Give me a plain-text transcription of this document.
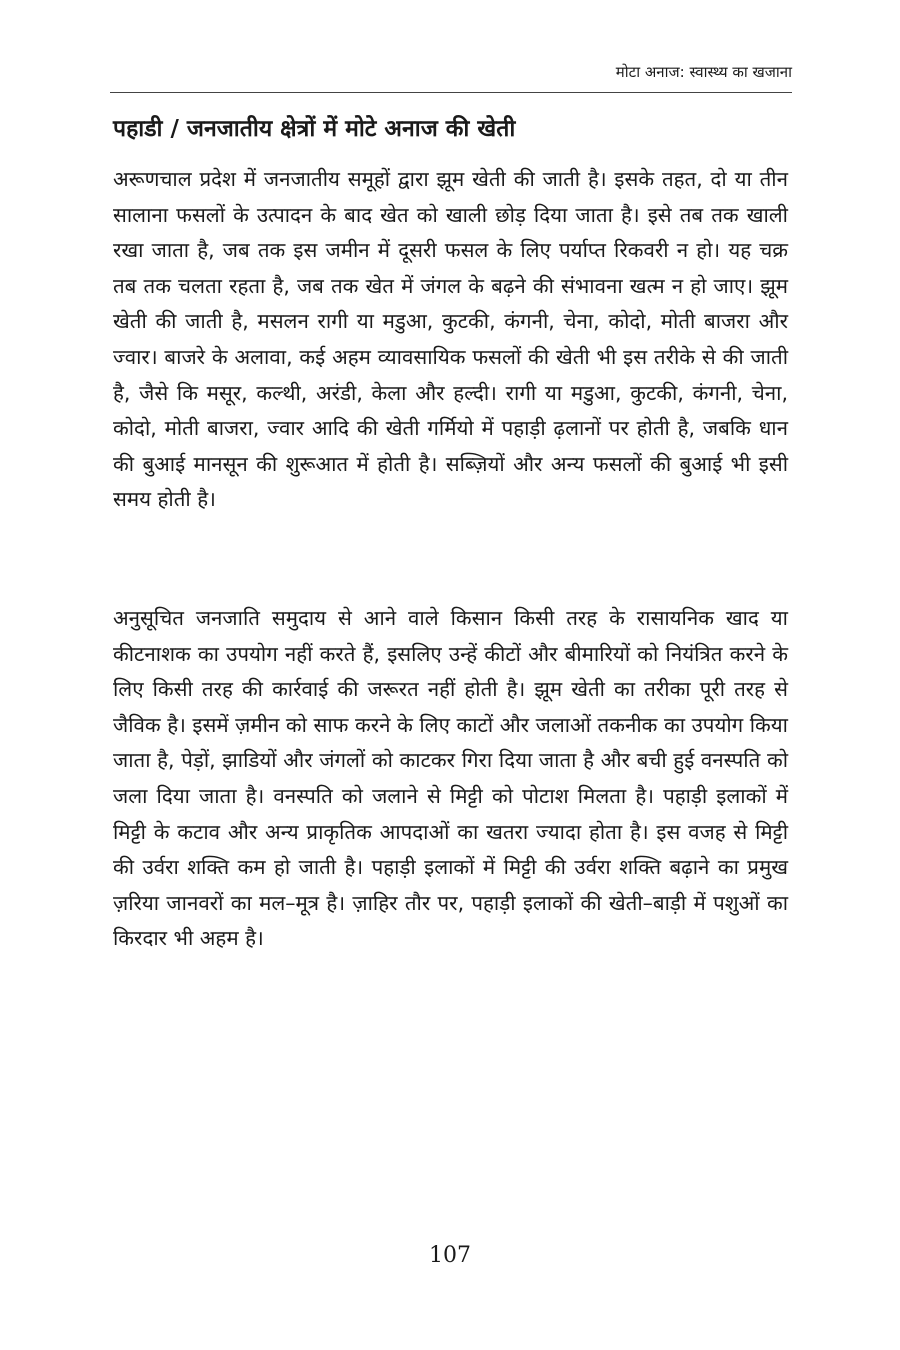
मोटा अनाज: स्वास्थ्य का खजाना
पहाडी / जनजातीय क्षेत्रों में मोटे अनाज की खेती

अरूणचाल प्रदेश में जनजातीय समूहों द्वारा झूम खेती की जाती है। इसके तहत, दो या तीन सालाना फसलों के उत्पादन के बाद खेत को खाली छोड़ दिया जाता है। इसे तब तक खाली रखा जाता है, जब तक इस जमीन में दूसरी फसल के लिए पर्याप्त रिकवरी न हो। यह चक्र तब तक चलता रहता है, जब तक खेत में जंगल के बढ़ने की संभावना खत्म न हो जाए। झूम खेती की जाती है, मसलन रागी या मडुआ, कुटकी, कंगनी, चेना, कोदो, मोती बाजरा और ज्वार। बाजरे के अलावा, कई अहम व्यावसायिक फसलों की खेती भी इस तरीके से की जाती है, जैसे कि मसूर, कल्थी, अरंडी, केला और हल्दी। रागी या मडुआ, कुटकी, कंगनी, चेना, कोदो, मोती बाजरा, ज्वार आदि की खेती गर्मियो में पहाड़ी ढ़लानों पर होती है, जबकि धान की बुआई मानसून की शुरूआत में होती है। सब्ज़ियों और अन्य फसलों की बुआई भी इसी समय होती है।

अनुसूचित जनजाति समुदाय से आने वाले किसान किसी तरह के रासायनिक खाद या कीटनाशक का उपयोग नहीं करते हैं, इसलिए उन्हें कीटों और बीमारियों को नियंत्रित करने के लिए किसी तरह की कार्रवाई की जरूरत नहीं होती है। झूम खेती का तरीका पूरी तरह से जैविक है। इसमें ज़मीन को साफ करने के लिए काटों और जलाओं तकनीक का उपयोग किया जाता है, पेड़ों, झाडियों और जंगलों को काटकर गिरा दिया जाता है और बची हुई वनस्पति को जला दिया जाता है। वनस्पति को जलाने से मिट्टी को पोटाश मिलता है। पहाड़ी इलाकों में मिट्टी के कटाव और अन्य प्राकृतिक आपदाओं का खतरा ज्यादा होता है। इस वजह से मिट्टी की उर्वरा शक्ति कम हो जाती है। पहाड़ी इलाकों में मिट्टी की उर्वरा शक्ति बढ़ाने का प्रमुख ज़रिया जानवरों का मल–मूत्र है। ज़ाहिर तौर पर, पहाड़ी इलाकों की खेती–बाड़ी में पशुओं का किरदार भी अहम है।

107
